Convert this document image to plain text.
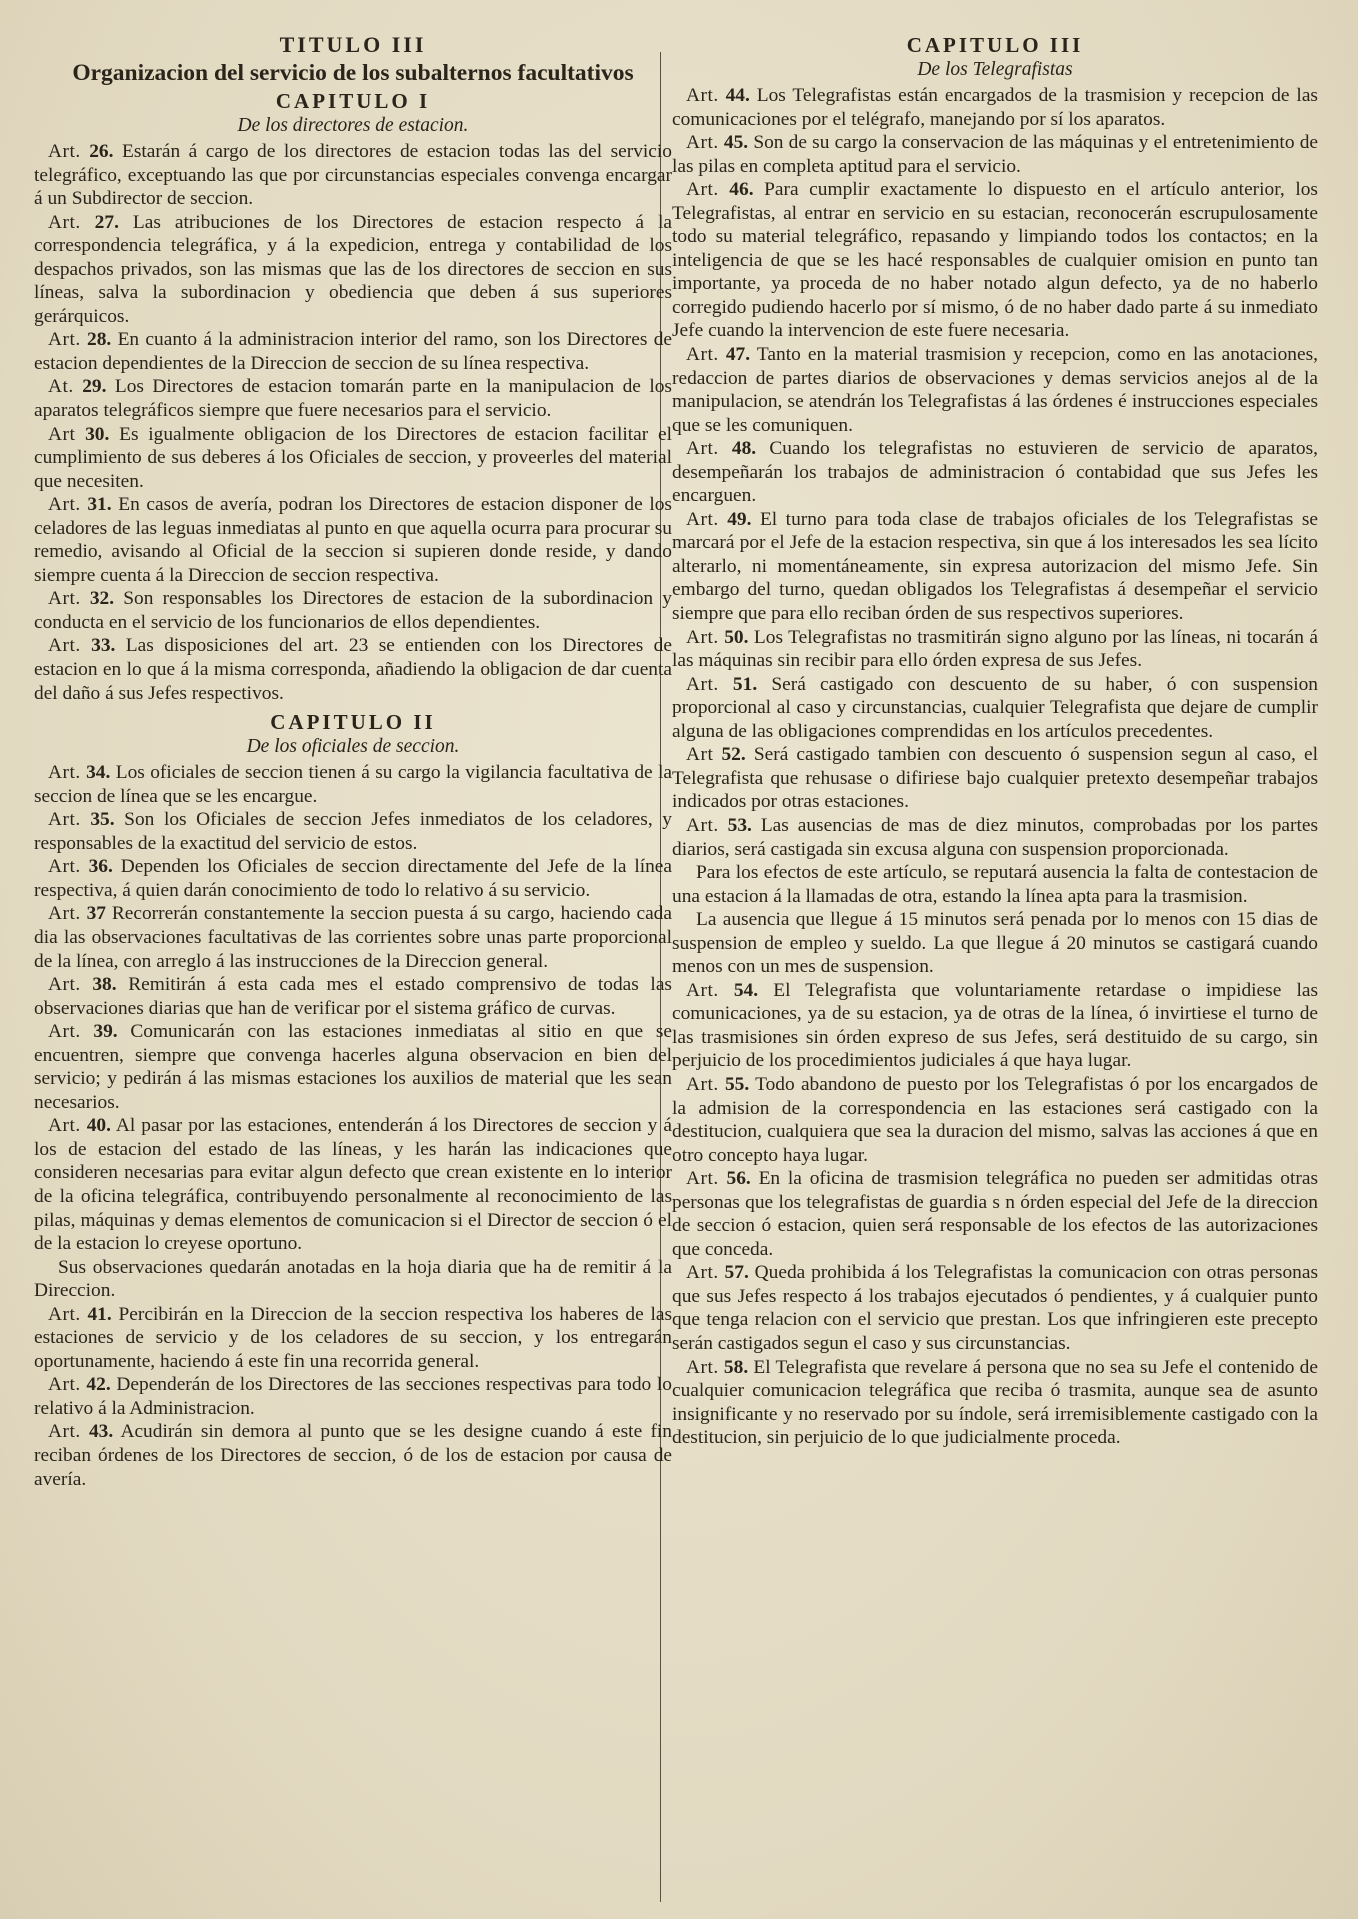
TITULO III
Organizacion del servicio de los subalternos facultativos
CAPITULO I
De los directores de estacion.

Art. 26. Estarán á cargo de los directores de estacion todas las del servicio telegráfico, exceptuando las que por circunstancias especiales convenga encargar á un Subdirector de seccion.

Art. 27. Las atribuciones de los Directores de estacion respecto á la correspondencia telegráfica, y á la expedicion, entrega y contabilidad de los despachos privados, son las mismas que las de los directores de seccion en sus líneas, salva la subordinacion y obediencia que deben á sus superiores gerárquicos.

Art. 28. En cuanto á la administracion interior del ramo, son los Directores de estacion dependientes de la Direccion de seccion de su línea respectiva.

At. 29. Los Directores de estacion tomarán parte en la manipulacion de los aparatos telegráficos siempre que fuere necesarios para el servicio.

Art 30. Es igualmente obligacion de los Directores de estacion facilitar el cumplimiento de sus deberes á los Oficiales de seccion, y proveerles del material que necesiten.

Art. 31. En casos de avería, podran los Directores de estacion disponer de los celadores de las leguas inmediatas al punto en que aquella ocurra para procurar su remedio, avisando al Oficial de la seccion si supieren donde reside, y dando siempre cuenta á la Direccion de seccion respectiva.

Art. 32. Son responsables los Directores de estacion de la subordinacion y conducta en el servicio de los funcionarios de ellos dependientes.

Art. 33. Las disposiciones del art. 23 se entienden con los Directores de estacion en lo que á la misma corresponda, añadiendo la obligacion de dar cuenta del daño á sus Jefes respectivos.

CAPITULO II
De los oficiales de seccion.

Art. 34. Los oficiales de seccion tienen á su cargo la vigilancia facultativa de la seccion de línea que se les encargue.

Art. 35. Son los Oficiales de seccion Jefes inmediatos de los celadores, y responsables de la exactitud del servicio de estos.

Art. 36. Dependen los Oficiales de seccion directamente del Jefe de la línea respectiva, á quien darán conocimiento de todo lo relativo á su servicio.

Art. 37 Recorrerán constantemente la seccion puesta á su cargo, haciendo cada dia las observaciones facultativas de las corrientes sobre unas parte proporcional de la línea, con arreglo á las instrucciones de la Direccion general.

Art. 38. Remitirán á esta cada mes el estado comprensivo de todas las observaciones diarias que han de verificar por el sistema gráfico de curvas.

Art. 39. Comunicarán con las estaciones inmediatas al sitio en que se encuentren, siempre que convenga hacerles alguna observacion en bien del servicio; y pedirán á las mismas estaciones los auxilios de material que les sean necesarios.

Art. 40. Al pasar por las estaciones, entenderán á los Directores de seccion y á los de estacion del estado de las líneas, y les harán las indicaciones que consideren necesarias para evitar algun defecto que crean existente en lo interior de la oficina telegráfica, contribuyendo personalmente al reconocimiento de las pilas, máquinas y demas elementos de comunicacion si el Director de seccion ó el de la estacion lo creyese oportuno.

Sus observaciones quedarán anotadas en la hoja diaria que ha de remitir á la Direccion.

Art. 41. Percibirán en la Direccion de la seccion respectiva los haberes de las estaciones de servicio y de los celadores de su seccion, y los entregarán oportunamente, haciendo á este fin una recorrida general.

Art. 42. Dependerán de los Directores de las secciones respectivas para todo lo relativo á la Administracion.

Art. 43. Acudirán sin demora al punto que se les designe cuando á este fin reciban órdenes de los Directores de seccion, ó de los de estacion por causa de avería.

CAPITULO III
De los Telegrafistas

Art. 44. Los Telegrafistas están encargados de la trasmision y recepcion de las comunicaciones por el telégrafo, manejando por sí los aparatos.

Art. 45. Son de su cargo la conservacion de las máquinas y el entretenimiento de las pilas en completa aptitud para el servicio.

Art. 46. Para cumplir exactamente lo dispuesto en el artículo anterior, los Telegrafistas, al entrar en servicio en su estacian, reconocerán escrupulosamente todo su material telegráfico, repasando y limpiando todos los contactos; en la inteligencia de que se les hacé responsables de cualquier omision en punto tan importante, ya proceda de no haber notado algun defecto, ya de no haberlo corregido pudiendo hacerlo por sí mismo, ó de no haber dado parte á su inmediato Jefe cuando la intervencion de este fuere necesaria.

Art. 47. Tanto en la material trasmision y recepcion, como en las anotaciones, redaccion de partes diarios de observaciones y demas servicios anejos al de la manipulacion, se atendrán los Telegrafistas á las órdenes é instrucciones especiales que se les comuniquen.

Art. 48. Cuando los telegrafistas no estuvieren de servicio de aparatos, desempeñarán los trabajos de administracion ó contabidad que sus Jefes les encarguen.

Art. 49. El turno para toda clase de trabajos oficiales de los Telegrafistas se marcará por el Jefe de la estacion respectiva, sin que á los interesados les sea lícito alterarlo, ni momentáneamente, sin expresa autorizacion del mismo Jefe. Sin embargo del turno, quedan obligados los Telegrafistas á desempeñar el servicio siempre que para ello reciban órden de sus respectivos superiores.

Art. 50. Los Telegrafistas no trasmitirán signo alguno por las líneas, ni tocarán á las máquinas sin recibir para ello órden expresa de sus Jefes.

Art. 51. Será castigado con descuento de su haber, ó con suspension proporcional al caso y circunstancias, cualquier Telegrafista que dejare de cumplir alguna de las obligaciones comprendidas en los artículos precedentes.

Art 52. Será castigado tambien con descuento ó suspension segun al caso, el Telegrafista que rehusase o difiriese bajo cualquier pretexto desempeñar trabajos indicados por otras estaciones.

Art. 53. Las ausencias de mas de diez minutos, comprobadas por los partes diarios, será castigada sin excusa alguna con suspension proporcionada.

Para los efectos de este artículo, se reputará ausencia la falta de contestacion de una estacion á la llamadas de otra, estando la línea apta para la trasmision.

La ausencia que llegue á 15 minutos será penada por lo menos con 15 dias de suspension de empleo y sueldo. La que llegue á 20 minutos se castigará cuando menos con un mes de suspension.

Art. 54. El Telegrafista que voluntariamente retardase o impidiese las comunicaciones, ya de su estacion, ya de otras de la línea, ó invirtiese el turno de las trasmisiones sin órden expreso de sus Jefes, será destituido de su cargo, sin perjuicio de los procedimientos judiciales á que haya lugar.

Art. 55. Todo abandono de puesto por los Telegrafistas ó por los encargados de la admision de la correspondencia en las estaciones será castigado con la destitucion, cualquiera que sea la duracion del mismo, salvas las acciones á que en otro concepto haya lugar.

Art. 56. En la oficina de trasmision telegráfica no pueden ser admitidas otras personas que los telegrafistas de guardia s n órden especial del Jefe de la direccion de seccion ó estacion, quien será responsable de los efectos de las autorizaciones que conceda.

Art. 57. Queda prohibida á los Telegrafistas la comunicacion con otras personas que sus Jefes respecto á los trabajos ejecutados ó pendientes, y á cualquier punto que tenga relacion con el servicio que prestan. Los que infringieren este precepto serán castigados segun el caso y sus circunstancias.

Art. 58. El Telegrafista que revelare á persona que no sea su Jefe el contenido de cualquier comunicacion telegráfica que reciba ó trasmita, aunque sea de asunto insignificante y no reservado por su índole, será irremisiblemente castigado con la destitucion, sin perjuicio de lo que judicialmente proceda.
